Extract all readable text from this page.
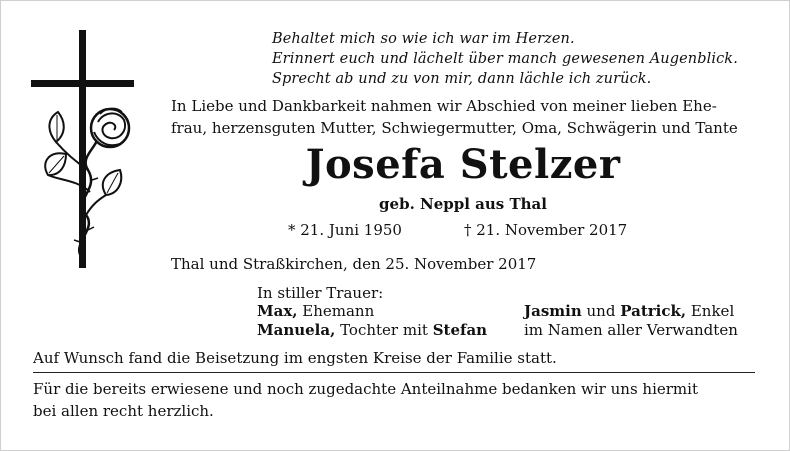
Behaltet mich so wie ich war im Herzen.
Erinnert euch und lächelt über manch gewesenen Augenblick.
Sprecht ab und zu von mir, dann lächle ich zurück.
In Liebe und Dankbarkeit nahmen wir Abschied von meiner lieben Ehe-
frau, herzensguten Mutter, Schwiegermutter, Oma, Schwägerin und Tante
Josefa Stelzer
geb. Neppl aus Thal
* 21. Juni 1950	† 21. November 2017
Thal und Straßkirchen, den 25. November 2017
In stiller Trauer:
Max, Ehemann
Manuela, Tochter mit Stefan
Jasmin und Patrick, Enkel
im Namen aller Verwandten
Auf Wunsch fand die Beisetzung im engsten Kreise der Familie statt.
Für die bereits erwiesene und noch zugedachte Anteilnahme bedanken wir uns hiermit
bei allen recht herzlich.
